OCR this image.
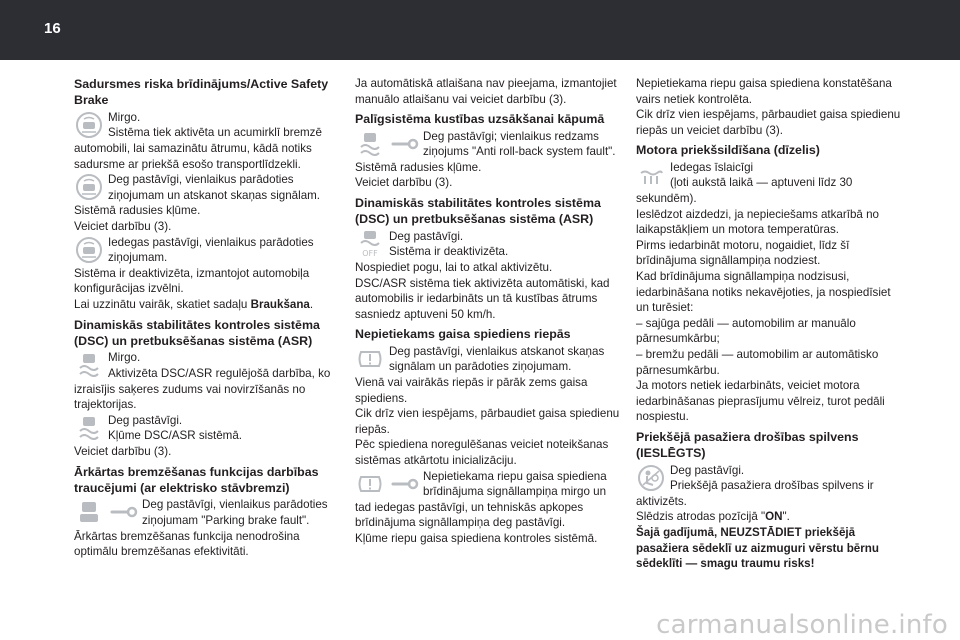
16
Sadursmes riska brīdinājums/Active Safety Brake
Mirgo.
Sistēma tiek aktivēta un acumirklī bremzē automobili, lai samazinātu ātrumu, kādā notiks sadursme ar priekšā esošo transportlīdzekli.
Deg pastāvīgi, vienlaikus parādoties ziņojumam un atskanot skaņas signālam.
Sistēmā radusies kļūme.
Veiciet darbību (3).
Iedegas pastāvīgi, vienlaikus parādoties ziņojumam.
Sistēma ir deaktivizēta, izmantojot automobiļa konfigurācijas izvēlni.

Lai uzzinātu vairāk, skatiet sadaļu Braukšana.

Dinamiskās stabilitātes kontroles sistēma (DSC) un pretbuksēšanas sistēma (ASR)
Mirgo.
Aktivizēta DSC/ASR regulējošā darbība, ko izraisījis saķeres zudums vai novirzīšanās no trajektorijas.
Deg pastāvīgi.
Kļūme DSC/ASR sistēmā.
Veiciet darbību (3).
Ārkārtas bremzēšanas funkcijas darbības traucējumi (ar elektrisko stāvbremzi)
Deg pastāvīgi, vienlaikus parādoties ziņojumam "Parking brake fault".
Ārkārtas bremzēšanas funkcija nenodrošina optimālu bremzēšanas efektivitāti.

Ja automātiskā atlaišana nav pieejama, izmantojiet manuālo atlaišanu vai veiciet darbību (3).

Palīgsistēma kustības uzsākšanai kāpumā
Deg pastāvīgi; vienlaikus redzams ziņojums "Anti roll-back system fault".
Sistēmā radusies kļūme.
Veiciet darbību (3).
Dinamiskās stabilitātes kontroles sistēma (DSC) un pretbuksēšanas sistēma (ASR)
Deg pastāvīgi.
Sistēma ir deaktivizēta.
Nospiediet pogu, lai to atkal aktivizētu.
DSC/ASR sistēma tiek aktivizēta automātiski, kad automobilis ir iedarbināts un tā kustības ātrums sasniedz aptuveni 50 km/h.
Nepietiekams gaisa spiediens riepās
Deg pastāvīgi, vienlaikus atskanot skaņas signālam un parādoties ziņojumam.
Vienā vai vairākās riepās ir pārāk zems gaisa spiediens.
Cik drīz vien iespējams, pārbaudiet gaisa spiedienu riepās.
Pēc spiediena noregulēšanas veiciet noteikšanas sistēmas atkārtotu inicializāciju.
Nepietiekama riepu gaisa spiediena brīdinājuma signāllampiņa mirgo un tad iedegas pastāvīgi, un tehniskās apkopes brīdinājuma signāllampiņa deg pastāvīgi.
Kļūme riepu gaisa spiediena kontroles sistēmā.

Nepietiekama riepu gaisa spiediena konstatēšana vairs netiek kontrolēta.
Cik drīz vien iespējams, pārbaudiet gaisa spiedienu riepās un veiciet darbību (3).

Motora priekšsildīšana (dīzelis)
Iedegas īslaicīgi
(ļoti aukstā laikā — aptuveni līdz 30 sekundēm).
Ieslēdzot aizdedzi, ja nepieciešams atkarībā no laikapstākļiem un motora temperatūras.
Pirms iedarbināt motoru, nogaidiet, līdz šī brīdinājuma signāllampiņa nodziest.
Kad brīdinājuma signāllampiņa nodzisusi, iedarbināšana notiks nekavējoties, ja nospiedīsiet un turēsiet:
– sajūga pedāli — automobilim ar manuālo pārnesumkārbu;
– bremžu pedāli — automobilim ar automātisko pārnesumkārbu.
Ja motors netiek iedarbināts, veiciet motora iedarbināšanas pieprasījumu vēlreiz, turot pedāli nospiestu.
Priekšējā pasažiera drošības spilvens (IESLĒGTS)
Deg pastāvīgi.
Priekšējā pasažiera drošības spilvens ir aktivizēts.

Slēdzis atrodas pozīcijā "ON".

Šajā gadījumā, NEUZSTĀDIET priekšējā pasažiera sēdeklī uz aizmuguri vērstu bērnu sēdeklīti — smagu traumu risks!

carmanualsonline.info
